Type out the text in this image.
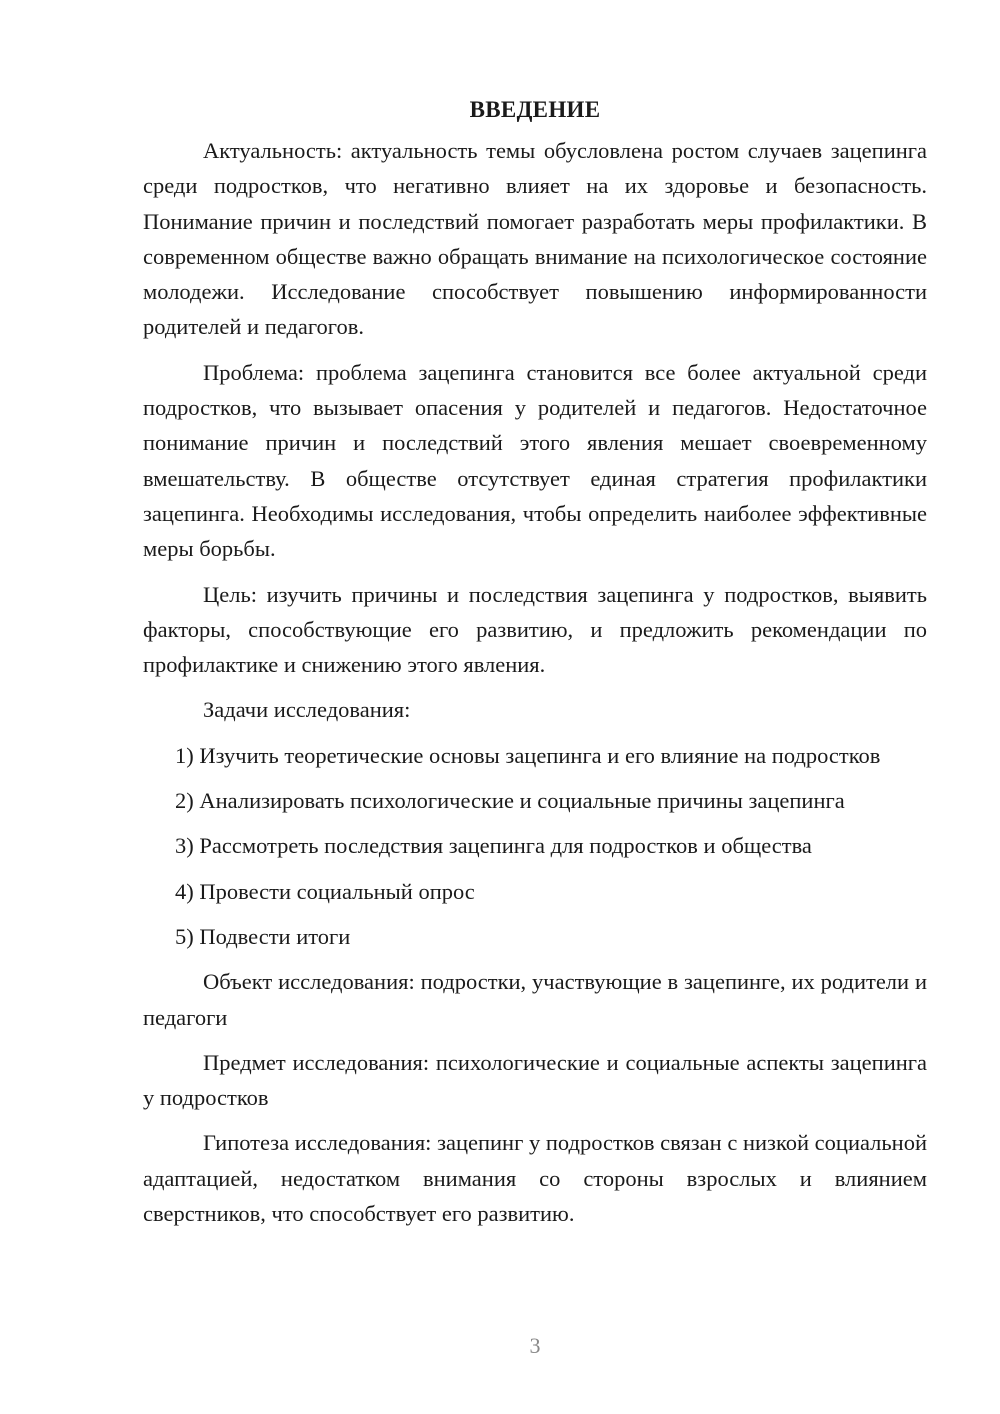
ВВЕДЕНИЕ

Актуальность: актуальность темы обусловлена ростом случаев зацепинга среди подростков, что негативно влияет на их здоровье и безопасность. Понимание причин и последствий помогает разработать меры профилактики. В современном обществе важно обращать внимание на психологическое состояние молодежи. Исследование способствует повышению информированности родителей и педагогов.

Проблема: проблема зацепинга становится все более актуальной среди подростков, что вызывает опасения у родителей и педагогов. Недостаточное понимание причин и последствий этого явления мешает своевременному вмешательству. В обществе отсутствует единая стратегия профилактики зацепинга. Необходимы исследования, чтобы определить наиболее эффективные меры борьбы.

Цель: изучить причины и последствия зацепинга у подростков, выявить факторы, способствующие его развитию, и предложить рекомендации по профилактике и снижению этого явления.

Задачи исследования:

1) Изучить теоретические основы зацепинга и его влияние на подростков

2) Анализировать психологические и социальные причины зацепинга

3) Рассмотреть последствия зацепинга для подростков и общества

4) Провести социальный опрос

5) Подвести итоги

Объект исследования: подростки, участвующие в зацепинге, их родители и педагоги

Предмет исследования: психологические и социальные аспекты зацепинга у подростков

Гипотеза исследования: зацепинг у подростков связан с низкой социальной адаптацией, недостатком внимания со стороны взрослых и влиянием сверстников, что способствует его развитию.

3
